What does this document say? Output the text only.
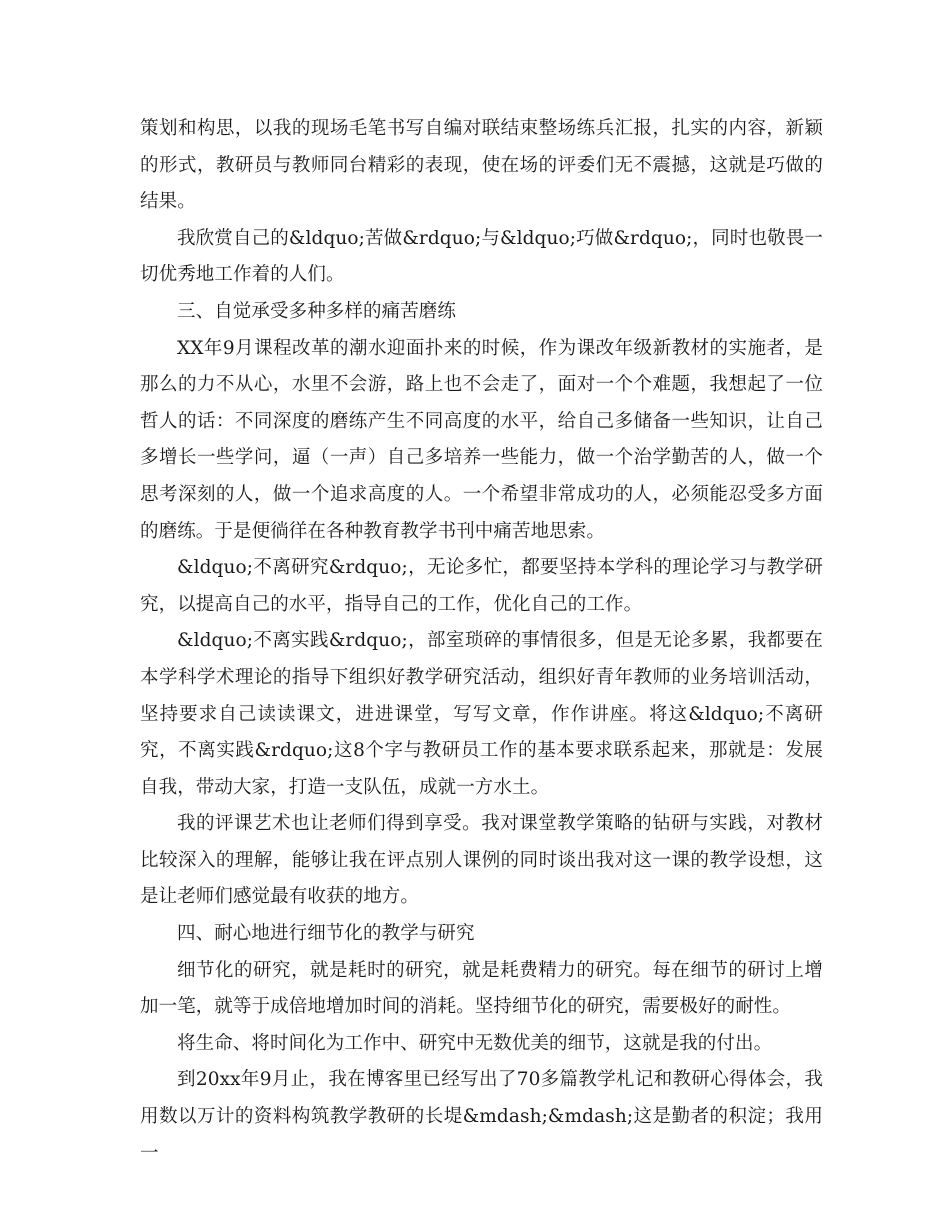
策划和构思，以我的现场毛笔书写自编对联结束整场练兵汇报，扎实的内容，新颖的形式，教研员与教师同台精彩的表现，使在场的评委们无不震撼，这就是巧做的结果。

我欣赏自己的&ldquo;苦做&rdquo;与&ldquo;巧做&rdquo;，同时也敬畏一切优秀地工作着的人们。

三、自觉承受多种多样的痛苦磨练

XX年9月课程改革的潮水迎面扑来的时候，作为课改年级新教材的实施者，是那么的力不从心，水里不会游，路上也不会走了，面对一个个难题，我想起了一位哲人的话：不同深度的磨练产生不同高度的水平，给自己多储备一些知识，让自己多增长一些学问，逼（一声）自己多培养一些能力，做一个治学勤苦的人，做一个思考深刻的人，做一个追求高度的人。一个希望非常成功的人，必须能忍受多方面的磨练。于是便徜徉在各种教育教学书刊中痛苦地思索。

&ldquo;不离研究&rdquo;，无论多忙，都要坚持本学科的理论学习与教学研究，以提高自己的水平，指导自己的工作，优化自己的工作。

&ldquo;不离实践&rdquo;，部室琐碎的事情很多，但是无论多累，我都要在本学科学术理论的指导下组织好教学研究活动，组织好青年教师的业务培训活动，坚持要求自己读读课文，进进课堂，写写文章，作作讲座。将这&ldquo;不离研究，不离实践&rdquo;这8个字与教研员工作的基本要求联系起来，那就是：发展自我，带动大家，打造一支队伍，成就一方水土。

我的评课艺术也让老师们得到享受。我对课堂教学策略的钻研与实践，对教材比较深入的理解，能够让我在评点别人课例的同时谈出我对这一课的教学设想，这是让老师们感觉最有收获的地方。

四、耐心地进行细节化的教学与研究

细节化的研究，就是耗时的研究，就是耗费精力的研究。每在细节的研讨上增加一笔，就等于成倍地增加时间的消耗。坚持细节化的研究，需要极好的耐性。

将生命、将时间化为工作中、研究中无数优美的细节，这就是我的付出。

到20xx年9月止，我在博客里已经写出了70多篇教学札记和教研心得体会，我用数以万计的资料构筑教学教研的长堤&mdash;&mdash;这是勤者的积淀；我用一
